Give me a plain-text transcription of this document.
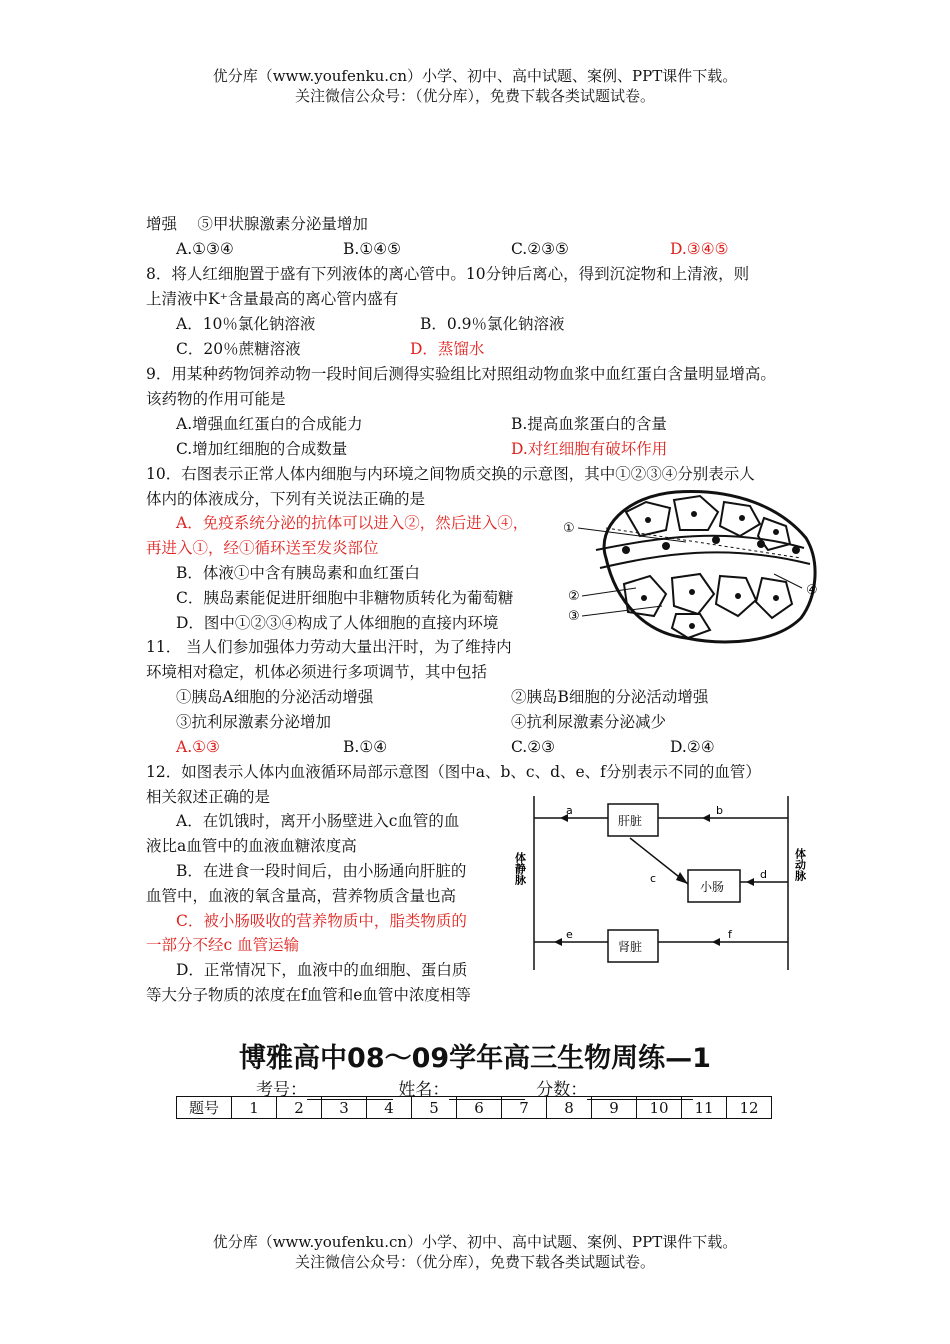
优分库（www.youfenku.cn）小学、初中、高中试题、案例、PPT课件下载。
关注微信公众号：（优分库），免费下载各类试题试卷。
增强　 ⑤甲状腺激素分泌量增加
A.①③④	B.①④⑤	C.②③⑤	D.③④⑤
8．将人红细胞置于盛有下列液体的离心管中。10分钟后离心，得到沉淀物和上清液，则
上清液中K⁺含量最高的离心管内盛有
A．10％氯化钠溶液	B．0.9％氯化钠溶液
C．20％蔗糖溶液	D．蒸馏水
9．用某种药物饲养动物一段时间后测得实验组比对照组动物血浆中血红蛋白含量明显增高。
该药物的作用可能是
A.增强血红蛋白的合成能力	B.提高血浆蛋白的含量
C.增加红细胞的合成数量	D.对红细胞有破坏作用
10．右图表示正常人体内细胞与内环境之间物质交换的示意图，其中①②③④分别表示人
体内的体液成分，下列有关说法正确的是
A．免疫系统分泌的抗体可以进入②，然后进入④，
再进入①，经①循环送至发炎部位
B．体液①中含有胰岛素和血红蛋白
C．胰岛素能促进肝细胞中非糖物质转化为葡萄糖
D．图中①②③④构成了人体细胞的直接内环境
①
②
③
④
11． 当人们参加强体力劳动大量出汗时，为了维持内
环境相对稳定，机体必须进行多项调节，其中包括
①胰岛A细胞的分泌活动增强	②胰岛B细胞的分泌活动增强
③抗利尿激素分泌增加	④抗利尿激素分泌减少
A.①③	B.①④	C.②③	D.②④
12．如图表示人体内血液循环局部示意图（图中a、b、c、d、e、f分别表示不同的血管）
相关叙述正确的是
A．在饥饿时，离开小肠壁进入c血管的血
液比a血管中的血液血糖浓度高
B．在进食一段时间后，由小肠通向肝脏的
血管中，血液的氧含量高，营养物质含量也高
C．被小肠吸收的营养物质中，脂类物质的
一部分不经c 血管运输
D．正常情况下，血液中的血细胞、蛋白质
等大分子物质的浓度在f血管和e血管中浓度相等
肝脏
小肠
肾脏
a	b
c	d
e	f
体静脉	体动脉
博雅高中08～09学年高三生物周练—1
考号：	姓名：	分数：
题号	1	2	3	4	5	6	7	8	9	10	11	12
优分库（www.youfenku.cn）小学、初中、高中试题、案例、PPT课件下载。
关注微信公众号：（优分库），免费下载各类试题试卷。
